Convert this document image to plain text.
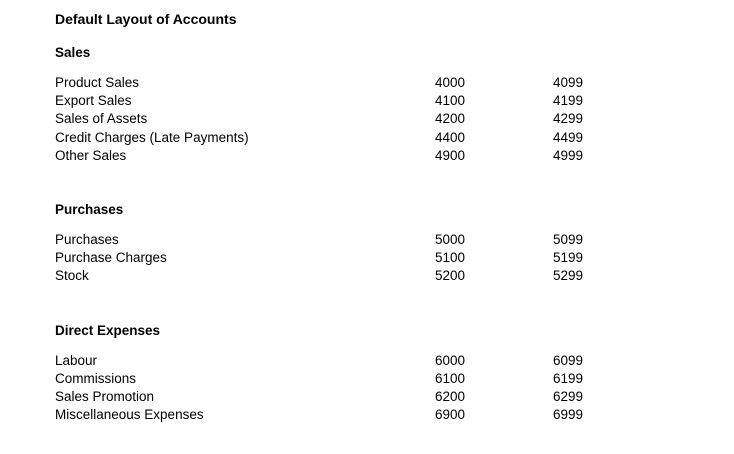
Default Layout of Accounts
Sales
Product Sales	4000	4099
Export Sales	4100	4199
Sales of Assets	4200	4299
Credit Charges (Late Payments)	4400	4499
Other Sales	4900	4999
Purchases
Purchases	5000	5099
Purchase Charges	5100	5199
Stock	5200	5299
Direct Expenses
Labour	6000	6099
Commissions	6100	6199
Sales Promotion	6200	6299
Miscellaneous Expenses	6900	6999
